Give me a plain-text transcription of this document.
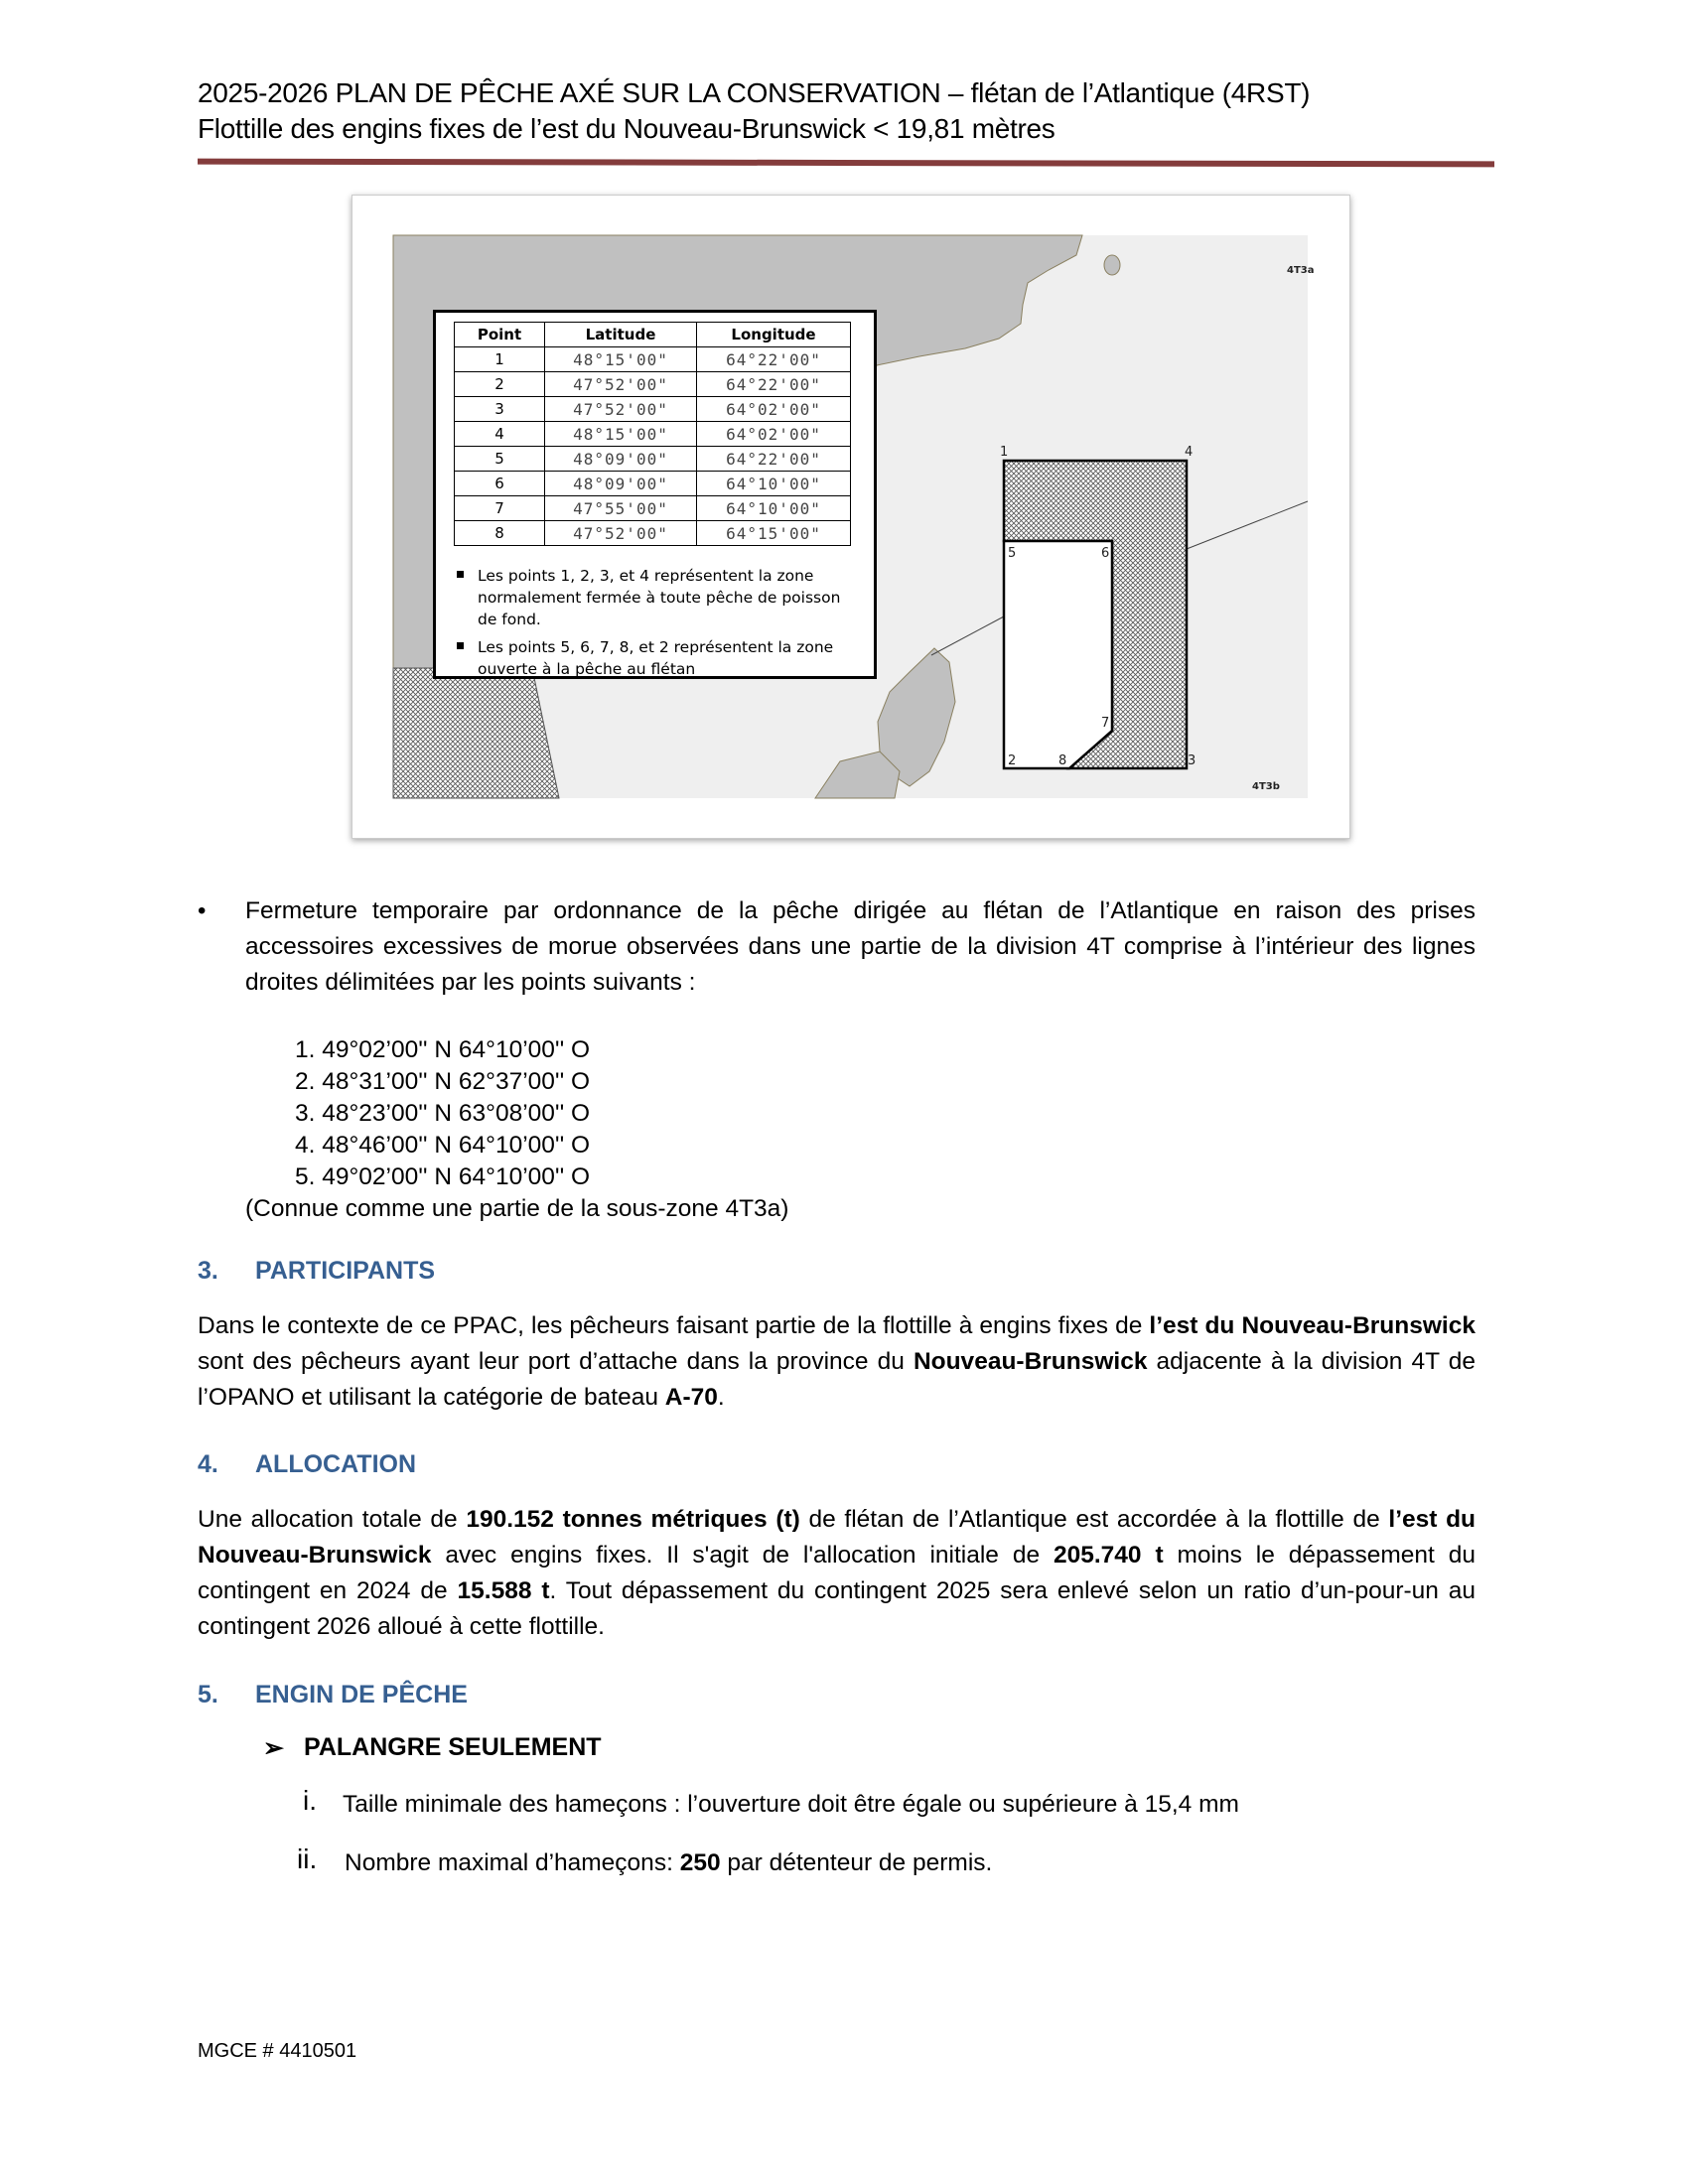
2025-2026 PLAN DE PÊCHE AXÉ SUR LA CONSERVATION – flétan de l’Atlantique (4RST)
Flottille des engins fixes de l’est du Nouveau-Brunswick < 19,81 mètres
1
2	3
4
5	6
7
8
4T3a
4T3b
Point	Latitude	Longitude
1	48°15'00"	64°22'00"
2	47°52'00"	64°22'00"
3	47°52'00"	64°02'00"
4	48°15'00"	64°02'00"
5	48°09'00"	64°22'00"
6	48°09'00"	64°10'00"
7	47°55'00"	64°10'00"
8	47°52'00"	64°15'00"
Les points 1, 2, 3, et 4 représentent la zone normalement fermée à toute pêche de poisson de fond.
Les points 5, 6, 7, 8, et 2 représentent la zone ouverte à la pêche au flétan
• Fermeture temporaire par ordonnance de la pêche dirigée au flétan de l’Atlantique en raison des prises accessoires excessives de morue observées dans une partie de la division 4T comprise à l’intérieur des lignes droites délimitées par les points suivants :
1. 49°02’00'' N 64°10’00'' O
2. 48°31’00'' N 62°37’00'' O
3. 48°23’00'' N 63°08’00'' O
4. 48°46’00'' N 64°10’00'' O
5. 49°02’00'' N 64°10’00'' O
(Connue comme une partie de la sous-zone 4T3a)
3. PARTICIPANTS
Dans le contexte de ce PPAC, les pêcheurs faisant partie de la flottille à engins fixes de l’est du Nouveau-Brunswick sont des pêcheurs ayant leur port d’attache dans la province du Nouveau-Brunswick adjacente à la division 4T de l’OPANO et utilisant la catégorie de bateau A-70.
4. ALLOCATION
Une allocation totale de 190.152 tonnes métriques (t) de flétan de l’Atlantique est accordée à la flottille de l’est du Nouveau-Brunswick avec engins fixes. Il s'agit de l'allocation initiale de 205.740 t moins le dépassement du contingent en 2024 de 15.588 t. Tout dépassement du contingent 2025 sera enlevé selon un ratio d’un-pour-un au contingent 2026 alloué à cette flottille.
5. ENGIN DE PÊCHE
➢ PALANGRE SEULEMENT
i. Taille minimale des hameçons : l’ouverture doit être égale ou supérieure à 15,4 mm
ii. Nombre maximal d’hameçons: 250 par détenteur de permis.
MGCE # 4410501
